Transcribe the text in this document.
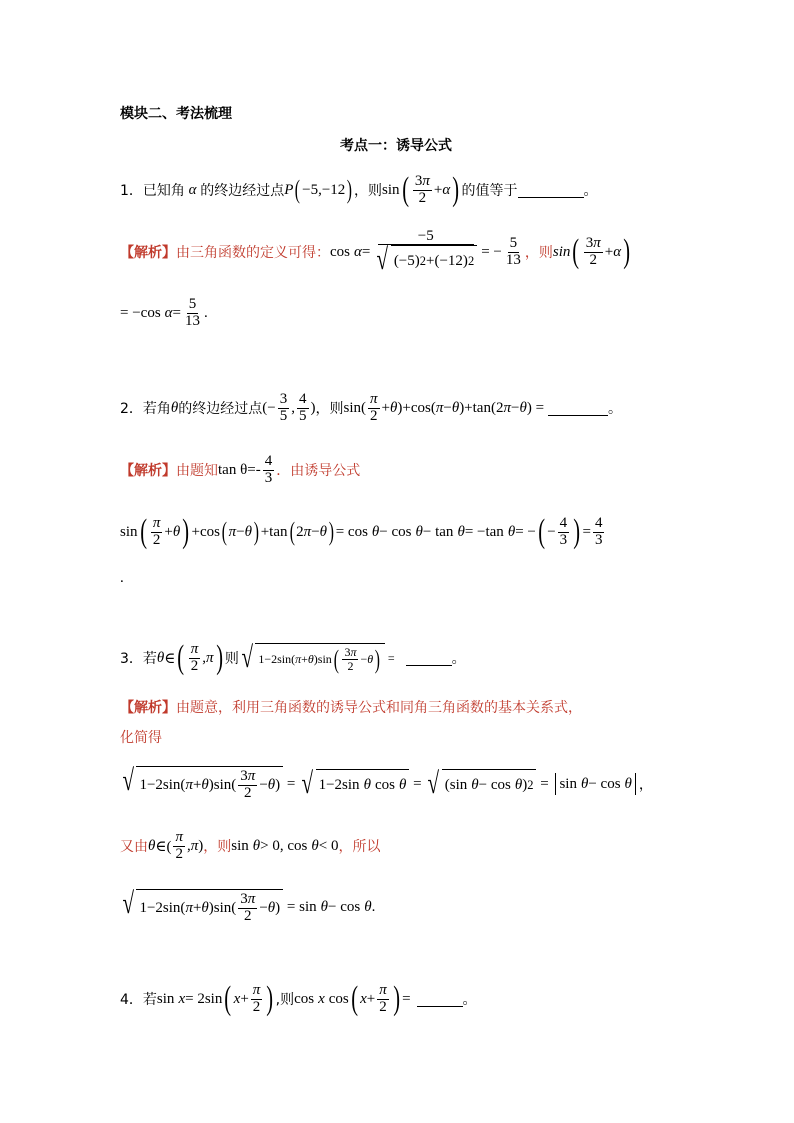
模块二、考法梳理
考点一：诱导公式
1．已知角 α 的终边经过点 P ( −5,−12 ) ，则 sin ( $\frac{3\pi}{2} + \alpha$ ) 的值等于	。
【解析】 由三角函数的定义可得： $\cos \alpha = \frac{-5}{√ (-5) 2 +(-12) 2}$ = − $\frac{5}{13}$ ，则 sin ( $\frac{3\pi}{2} + \alpha$ )
= −cos $\alpha = \frac{5}{13}$ .
2．若角 θ 的终边经过点 (− $\frac{3}{5}$ , $\frac{4}{5}$ ) ，则 $\sin( \frac{\pi}{2} + \theta$ )+cos( π − θ )+tan(2 π − θ ) =	。
【解析】 由题知 $\tan \theta=- \frac{4}{3}$ ．由诱导公式
sin ( $\frac{\pi}{2} + \theta$ ) +cos ( π − θ ) +tan ( 2 π − θ ) = cos θ − cos θ − tan θ = −tan θ = − ( − $\frac{4}{3}$ ) = $\frac{4}{3}$
.
3．若 θ ∈ ( $\frac{\pi}{2}$ , π ) 则 √ 1−2sin( π + θ )sin ( $\frac{3\pi}{2} - \theta$ ) =	。
【解析】由题意，利用三角函数的诱导公式和同角三角函数的基本关系式，
化简得
√ 1−2sin( π + θ )$\sin( \frac{3\pi}{2} - \theta$ ) = √ 1−2sin θ cos θ = √ (sin θ − cos θ ) 2 =
sin θ − cos θ ，
又由 θ ∈( $\frac{\pi}{2}$ , π ) ，则 sin θ > 0, cos θ < 0 ，所以
√ 1−2sin( π + θ )$\sin( \frac{3\pi}{2} - \theta$ ) = sin θ − cos θ .
4．若 sin x = 2sin ( $x + \frac{\pi}{2}$ ) ,则 cos x cos ( $x + \frac{\pi}{2}$ ) =	。
